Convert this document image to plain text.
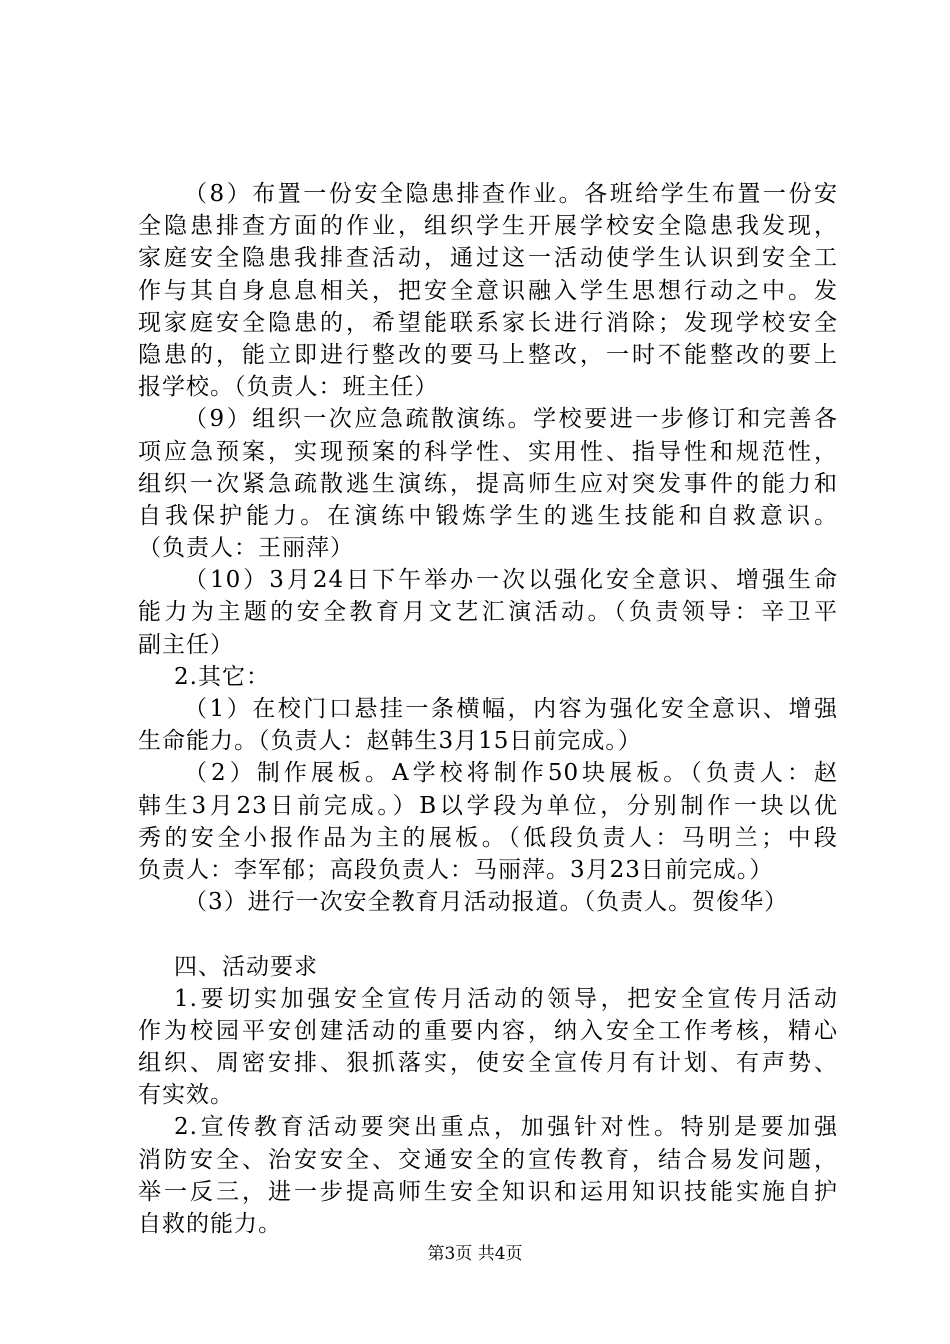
（8）布置一份安全隐患排查作业。各班给学生布置一份安
全隐患排查方面的作业，组织学生开展学校安全隐患我发现，
家庭安全隐患我排查活动，通过这一活动使学生认识到安全工
作与其自身息息相关，把安全意识融入学生思想行动之中。发
现家庭安全隐患的，希望能联系家长进行消除；发现学校安全
隐患的，能立即进行整改的要马上整改，一时不能整改的要上
报学校。（负责人：班主任）
（9）组织一次应急疏散演练。学校要进一步修订和完善各
项应急预案，实现预案的科学性、实用性、指导性和规范性，
组织一次紧急疏散逃生演练，提高师生应对突发事件的能力和
自我保护能力。在演练中锻炼学生的逃生技能和自救意识。
（负责人：王丽萍）
（10）3月24日下午举办一次以强化安全意识、增强生命
能力为主题的安全教育月文艺汇演活动。（负责领导：辛卫平
副主任）
2.其它：
（1）在校门口悬挂一条横幅，内容为强化安全意识、增强
生命能力。（负责人：赵韩生3月15日前完成。）
（2）制作展板。A学校将制作50块展板。（负责人：赵
韩生3月23日前完成。）B以学段为单位，分别制作一块以优
秀的安全小报作品为主的展板。（低段负责人：马明兰；中段
负责人：李军郁；高段负责人：马丽萍。3月23日前完成。）
（3）进行一次安全教育月活动报道。（负责人。贺俊华）
四、活动要求
1.要切实加强安全宣传月活动的领导，把安全宣传月活动
作为校园平安创建活动的重要内容，纳入安全工作考核，精心
组织、周密安排、狠抓落实，使安全宣传月有计划、有声势、
有实效。
2.宣传教育活动要突出重点，加强针对性。特别是要加强
消防安全、治安安全、交通安全的宣传教育，结合易发问题，
举一反三，进一步提高师生安全知识和运用知识技能实施自护
自救的能力。
第3页 共4页
